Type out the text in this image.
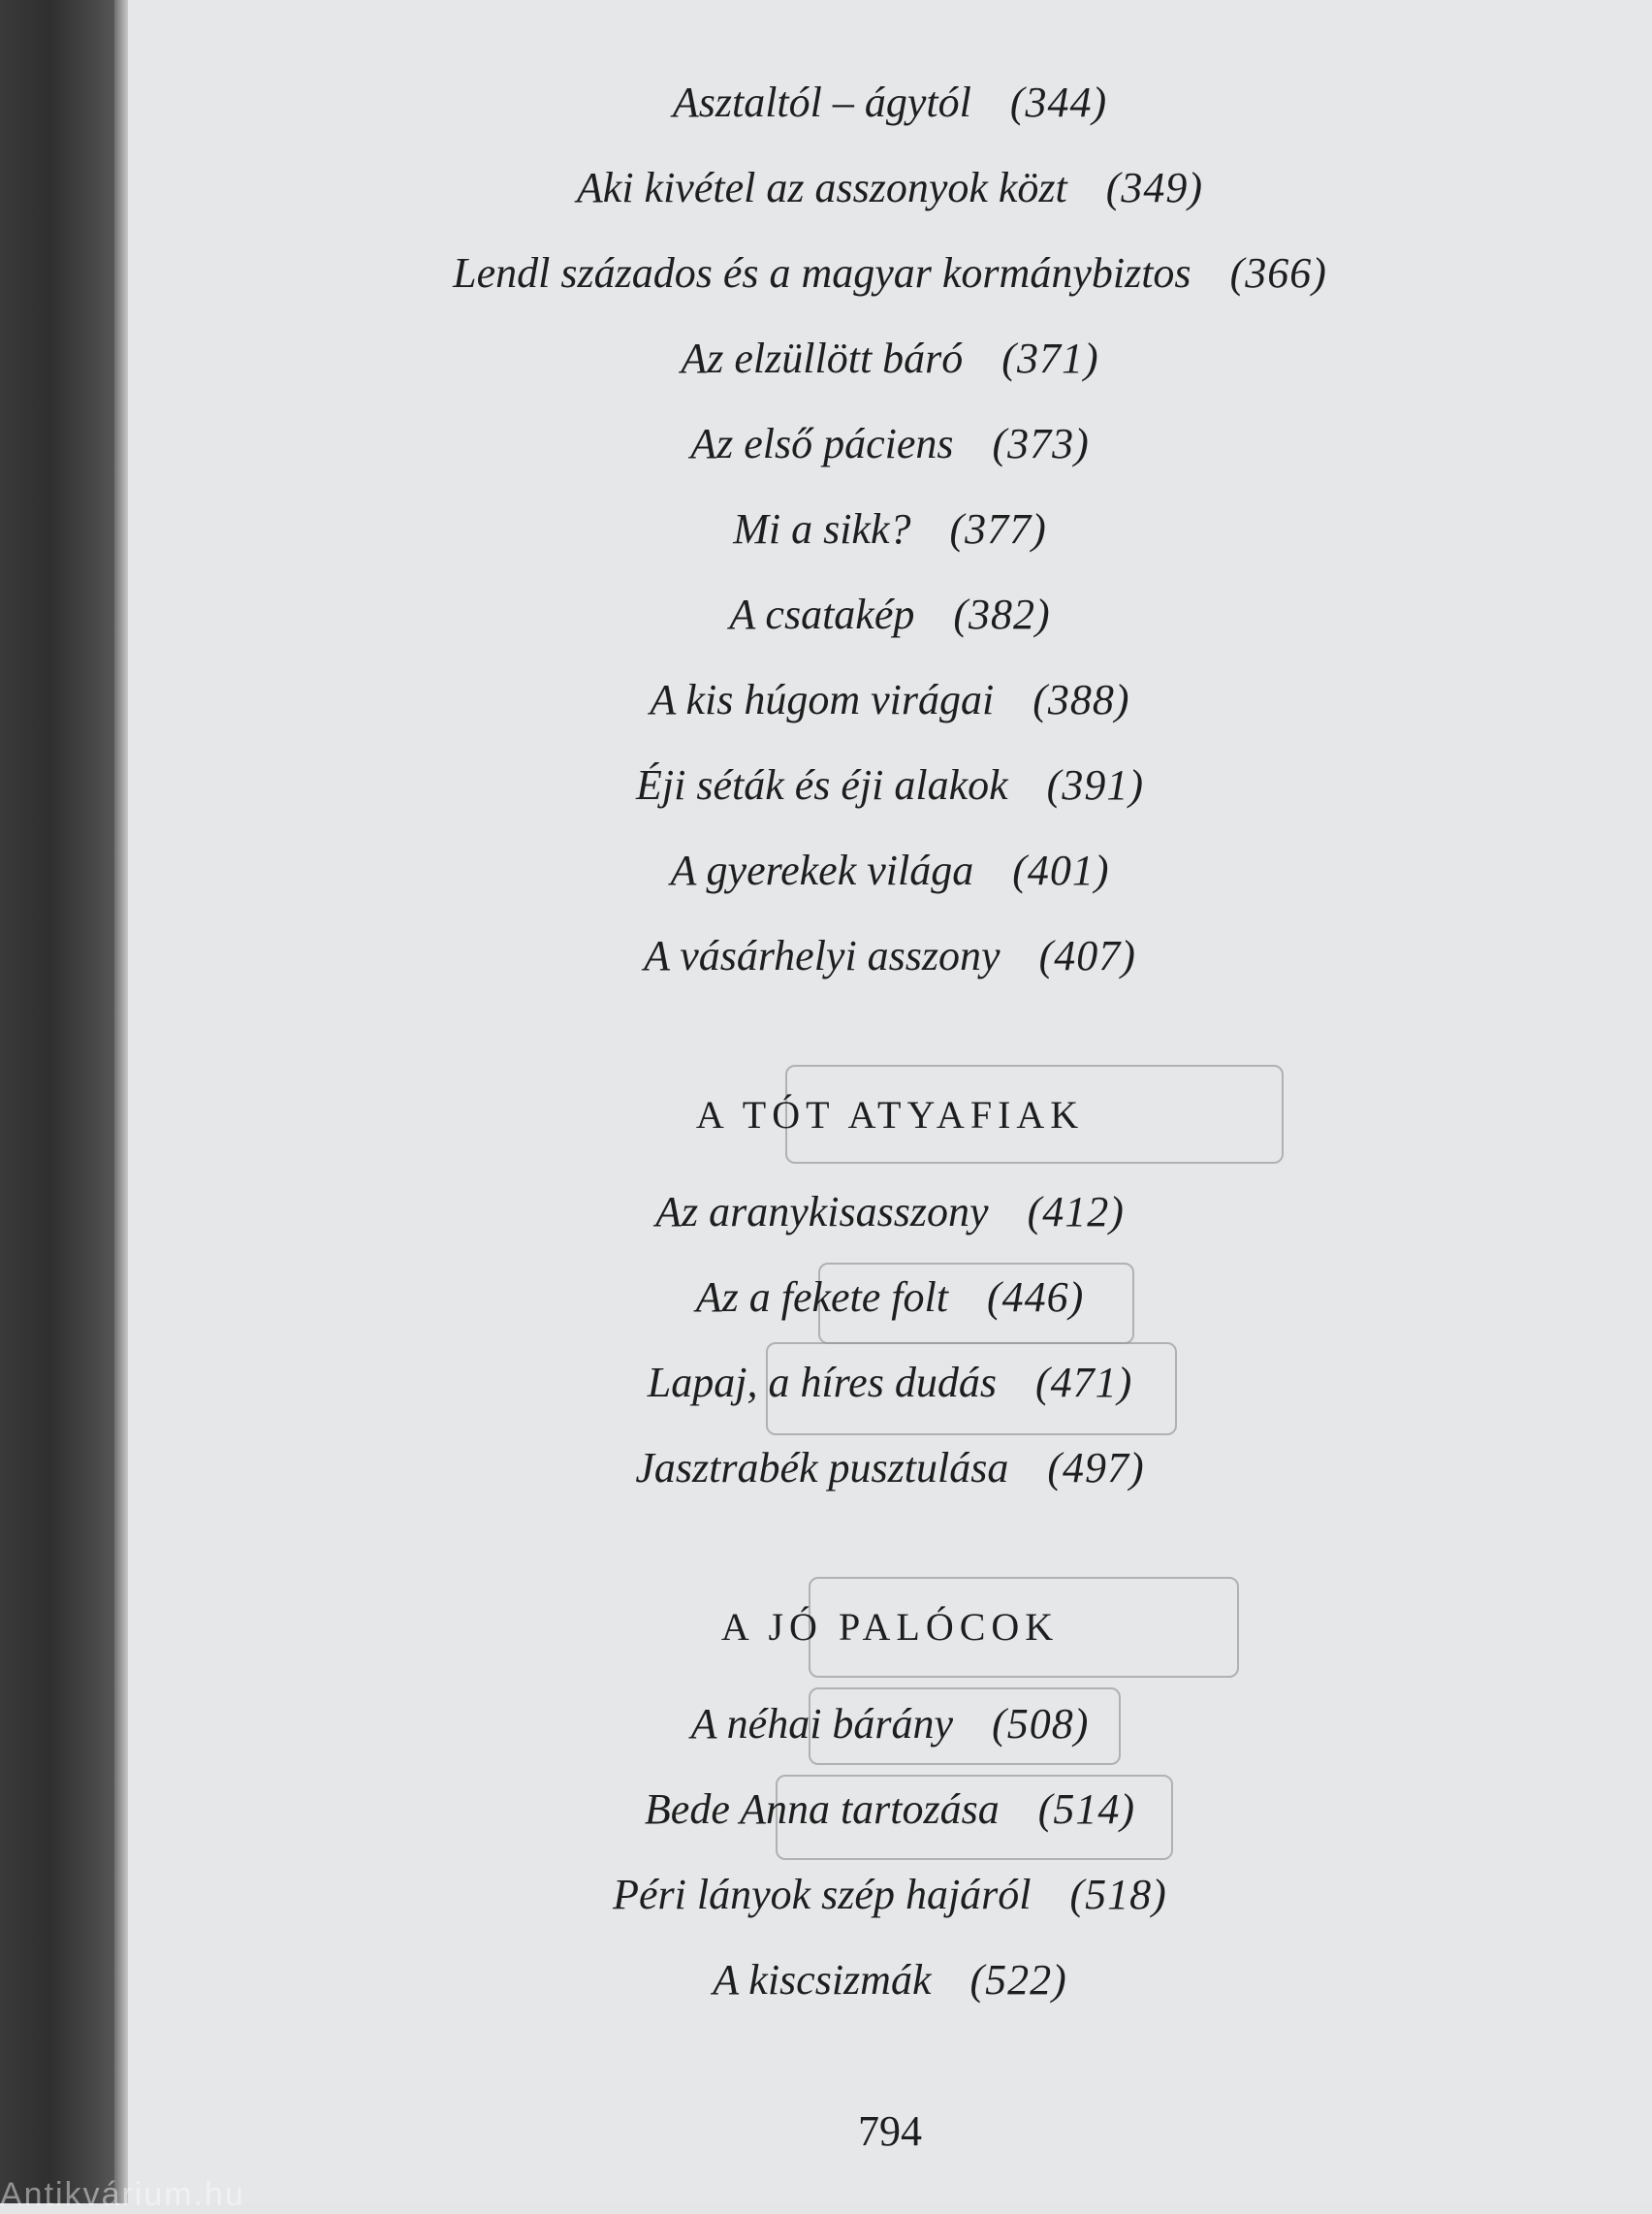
Asztaltól – ágytól (344)
Aki kivétel az asszonyok közt (349)
Lendl százados és a magyar kormánybiztos (366)
Az elzüllött báró (371)
Az első páciens (373)
Mi a sikk? (377)
A csatakép (382)
A kis húgom virágai (388)
Éji séták és éji alakok (391)
A gyerekek világa (401)
A vásárhelyi asszony (407)
A TÓT ATYAFIAK
Az aranykisasszony (412)
Az a fekete folt (446)
Lapaj, a híres dudás (471)
Jasztrabék pusztulása (497)
A JÓ PALÓCOK
A néhai bárány (508)
Bede Anna tartozása (514)
Péri lányok szép hajáról (518)
A kiscsizmák (522)
794
Antikvárium.hu
